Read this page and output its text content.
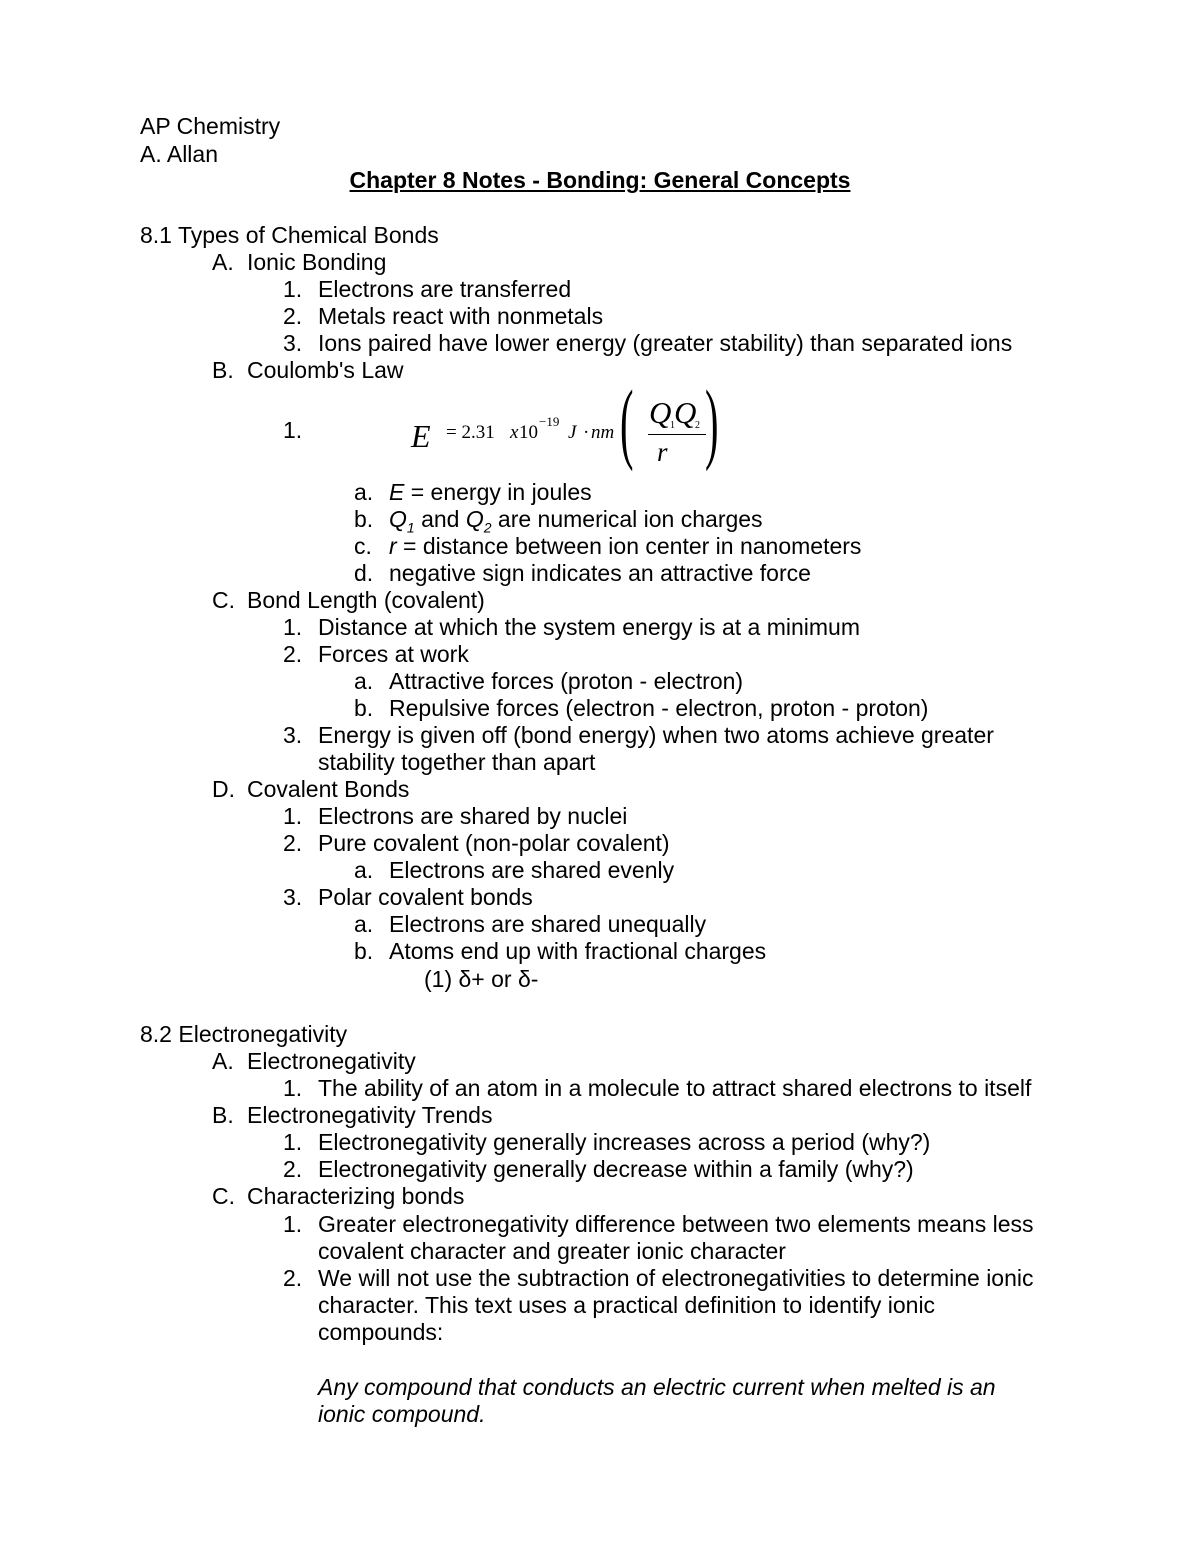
AP Chemistry
A. Allan
Chapter 8 Notes - Bonding: General Concepts
8.1 Types of Chemical Bonds
A. Ionic Bonding
1. Electrons are transferred
2. Metals react with nonmetals
3. Ions paired have lower energy (greater stability) than separated ions
B. Coulomb's Law
1.	E = 2.31 x 10
−19
J · nm ( Q
1 Q
2
r )
a. E = energy in joules
b. $Q_1$ and $Q_2$ are numerical ion charges
c. r = distance between ion center in nanometers
d. negative sign indicates an attractive force
C. Bond Length (covalent)
1. Distance at which the system energy is at a minimum
2. Forces at work
a. Attractive forces (proton - electron)
b. Repulsive forces (electron - electron, proton - proton)
3. Energy is given off (bond energy) when two atoms achieve greater
stability together than apart
D. Covalent Bonds
1. Electrons are shared by nuclei
2. Pure covalent (non-polar covalent)
a. Electrons are shared evenly
3. Polar covalent bonds
a. Electrons are shared unequally
b. Atoms end up with fractional charges
(1) δ+ or δ-
8.2 Electronegativity
A. Electronegativity
1. The ability of an atom in a molecule to attract shared electrons to itself
B. Electronegativity Trends
1. Electronegativity generally increases across a period (why?)
2. Electronegativity generally decrease within a family (why?)
C. Characterizing bonds
1. Greater electronegativity difference between two elements means less
covalent character and greater ionic character
2. We will not use the subtraction of electronegativities to determine ionic
character. This text uses a practical definition to identify ionic
compounds:
Any compound that conducts an electric current when melted is an
ionic compound.
